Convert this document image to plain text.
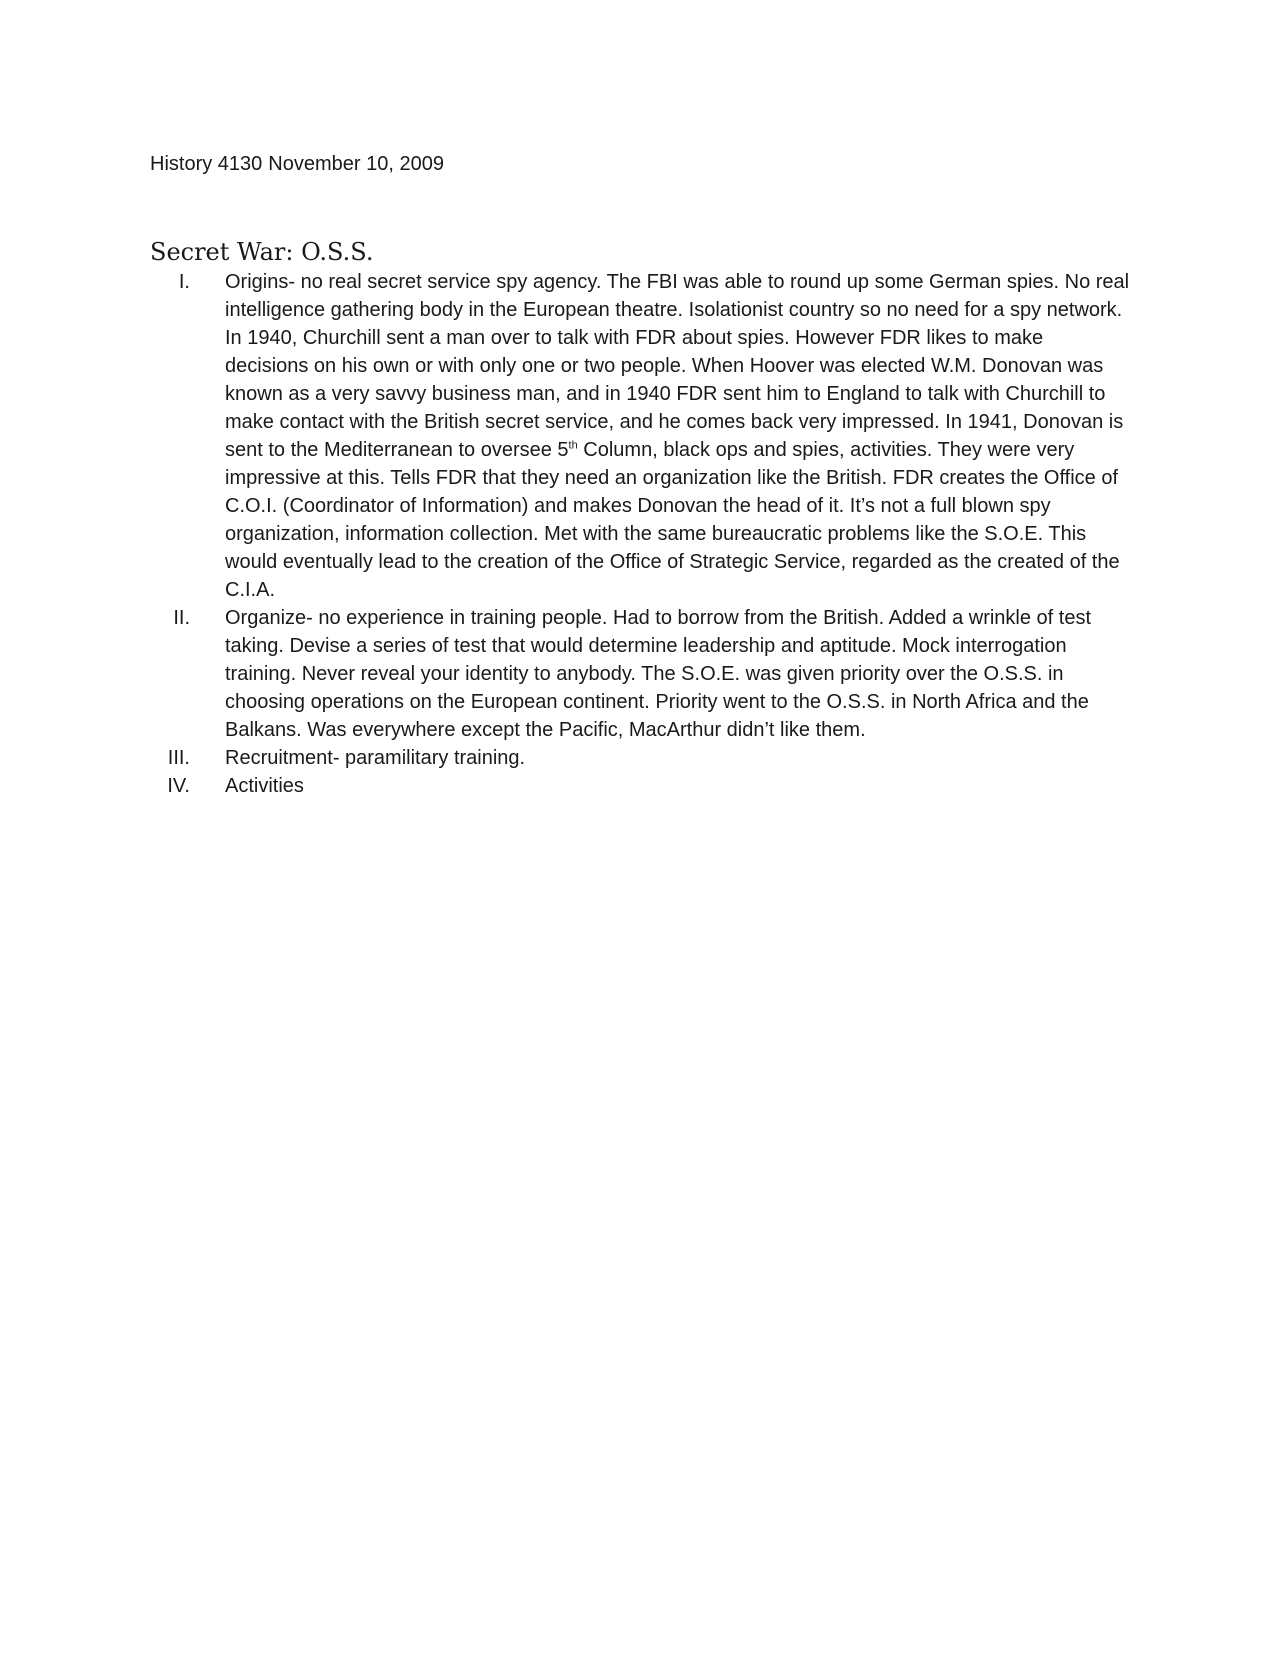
History 4130 November 10, 2009
Secret War: O.S.S.
I. Origins- no real secret service spy agency. The FBI was able to round up some German spies. No real intelligence gathering body in the European theatre. Isolationist country so no need for a spy network. In 1940, Churchill sent a man over to talk with FDR about spies. However FDR likes to make decisions on his own or with only one or two people. When Hoover was elected W.M. Donovan was known as a very savvy business man, and in 1940 FDR sent him to England to talk with Churchill to make contact with the British secret service, and he comes back very impressed. In 1941, Donovan is sent to the Mediterranean to oversee 5th Column, black ops and spies, activities. They were very impressive at this. Tells FDR that they need an organization like the British. FDR creates the Office of C.O.I. (Coordinator of Information) and makes Donovan the head of it. It’s not a full blown spy organization, information collection. Met with the same bureaucratic problems like the S.O.E. This would eventually lead to the creation of the Office of Strategic Service, regarded as the created of the C.I.A.
II. Organize- no experience in training people. Had to borrow from the British. Added a wrinkle of test taking. Devise a series of test that would determine leadership and aptitude. Mock interrogation training. Never reveal your identity to anybody. The S.O.E. was given priority over the O.S.S. in choosing operations on the European continent. Priority went to the O.S.S. in North Africa and the Balkans. Was everywhere except the Pacific, MacArthur didn’t like them.
III. Recruitment- paramilitary training.
IV. Activities
